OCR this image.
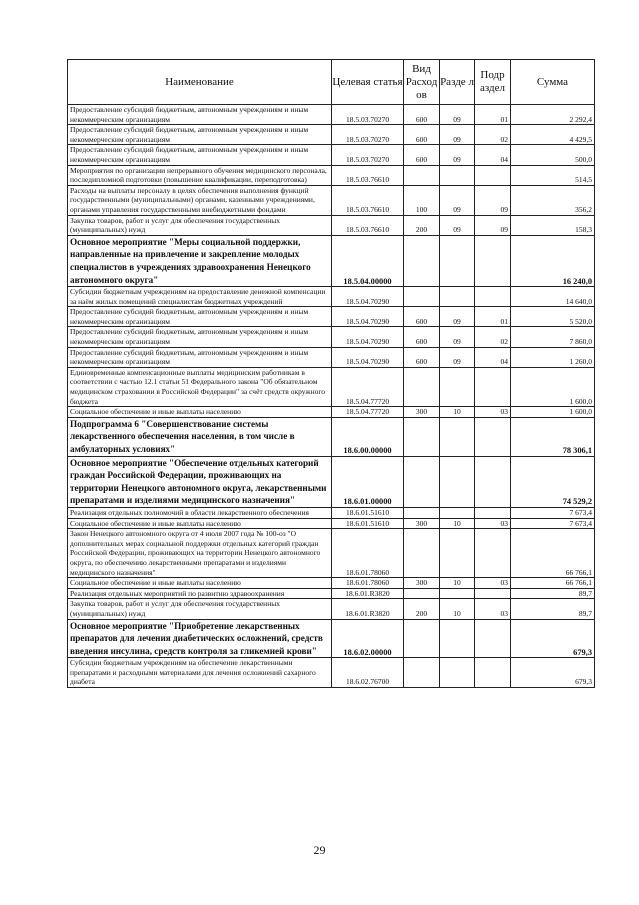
Наименование	Целевая статья	Вид Расход ов	Разде л	Подр аздел	Сумма
Предоставление субсидий бюджетным, автономным учреждениям и иным некоммерческим организациям	18.5.03.70270	600	09	01	2 292,4
Предоставление субсидий бюджетным, автономным учреждениям и иным некоммерческим организациям	18.5.03.70270	600	09	02	4 429,5
Предоставление субсидий бюджетным, автономным учреждениям и иным некоммерческим организациям	18.5.03.70270	600	09	04	500,0
Мероприятия по организации непрерывного обучения медицинского персонала, последипломной подготовки (повышение квалификации, переподготовка)	18.5.03.76610				514,5
Расходы на выплаты персоналу в целях обеспечения выполнения функций государственными (муниципальными) органами, казенными учреждениями, органами управления государственными внебюджетными фондами	18.5.03.76610	100	09	09	356,2
Закупка товаров, работ и услуг для обеспечения государственных (муниципальных) нужд	18.5.03.76610	200	09	09	158,3
Основное мероприятие "Меры социальной поддержки, направленные на привлечение и закрепление молодых специалистов в учреждениях здравоохранения Ненецкого автономного округа"	18.5.04.00000				16 240,0
Субсидии бюджетным учреждениям на предоставление денежной компенсации за наём жилых помещений специалистам бюджетных учреждений	18.5.04.70290				14 640,0
Предоставление субсидий бюджетным, автономным учреждениям и иным некоммерческим организациям	18.5.04.70290	600	09	01	5 520,0
Предоставление субсидий бюджетным, автономным учреждениям и иным некоммерческим организациям	18.5.04.70290	600	09	02	7 860,0
Предоставление субсидий бюджетным, автономным учреждениям и иным некоммерческим организациям	18.5.04.70290	600	09	04	1 260,0
Единовременные компенсационные выплаты медицинским работникам в соответствии с частью 12.1 статьи 51 Федерального закона "Об обязательном медицинском страховании в Российской Федерации" за счёт средств окружного бюджета	18.5.04.77720				1 600,0
Социальное обеспечение и иные выплаты населению	18.5.04.77720	300	10	03	1 600,0
Подпрограмма 6 "Совершенствование системы лекарственного обеспечения населения, в том числе в амбулаторных условиях"	18.6.00.00000				78 306,1
Основное мероприятие "Обеспечение отдельных категорий граждан Российской Федерации, проживающих на территории Ненецкого автономного округа, лекарственными препаратами и изделиями медицинского назначения"	18.6.01.00000				74 529,2
Реализация отдельных полномочий в области лекарственного обеспечения	18.6.01.51610				7 673,4
Социальное обеспечение и иные выплаты населению	18.6.01.51610	300	10	03	7 673,4
Закон Ненецкого автономного округа от 4 июля 2007 года № 100-оз "О дополнительных мерах социальной поддержки отдельных категорий граждан Российской Федерации, проживающих на территории Ненецкого автономного округа, по обеспечению лекарственными препаратами и изделиями медицинского назначения"	18.6.01.78060				66 766,1
Социальное обеспечение и иные выплаты населению	18.6.01.78060	300	10	03	66 766,1
Реализация отдельных мероприятий по развитию здравоохранения	18.6.01.R3820				89,7
Закупка товаров, работ и услуг для обеспечения государственных (муниципальных) нужд	18.6.01.R3820	200	10	03	89,7
Основное мероприятие "Приобретение лекарственных препаратов для лечения диабетических осложнений, средств введения инсулина, средств контроля за гликемией крови"	18.6.02.00000				679,3
Субсидии бюджетным учреждениям на обеспечение лекарственными препаратами и расходными материалами для лечения осложнений сахарного диабета	18.6.02.76700				679,3
29
